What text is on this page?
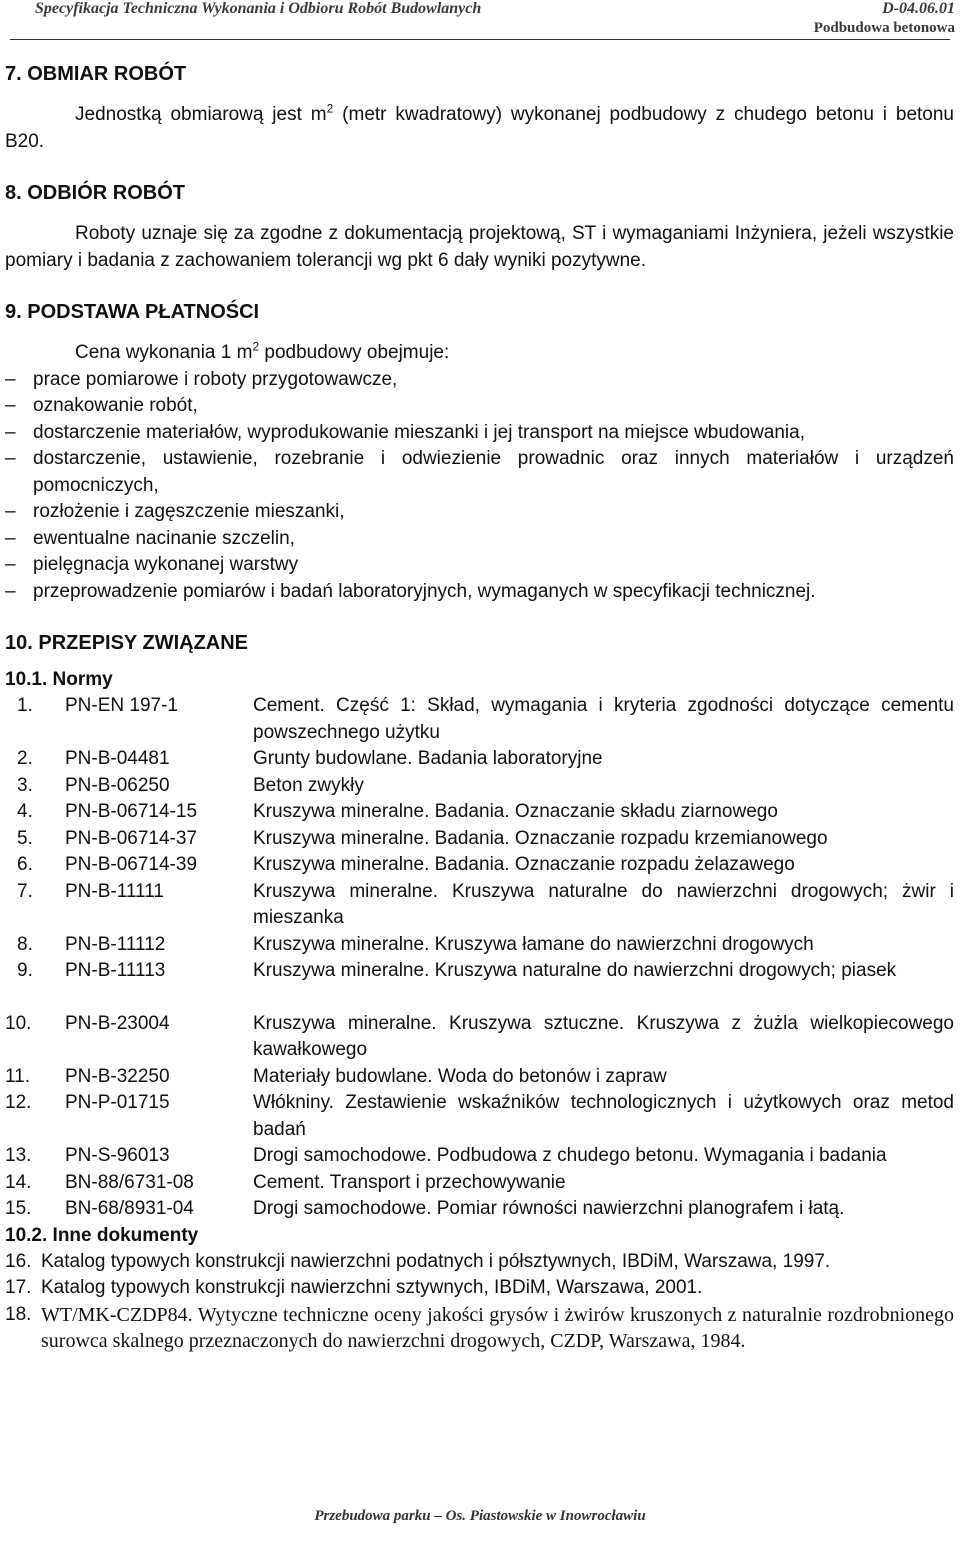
Specyfikacja Techniczna Wykonania i Odbioru Robót Budowlanych	D-04.06.01
Podbudowa betonowa
7. OBMIAR ROBÓT

Jednostką obmiarową jest $m^2$ (metr kwadratowy) wykonanej podbudowy z chudego betonu i betonu B20.

8. ODBIÓR ROBÓT

Roboty uznaje się za zgodne z dokumentacją projektową, ST i wymaganiami Inżyniera, jeżeli wszystkie pomiary i badania z zachowaniem tolerancji wg pkt 6 dały wyniki pozytywne.

9. PODSTAWA PŁATNOŚCI

Cena wykonania 1 $m^2$ podbudowy obejmuje:

– prace pomiarowe i roboty przygotowawcze,
– oznakowanie robót,
– dostarczenie materiałów, wyprodukowanie mieszanki i jej transport na miejsce wbudowania,
– dostarczenie, ustawienie, rozebranie i odwiezienie prowadnic oraz innych materiałów i urządzeń pomocniczych,
– rozłożenie i zagęszczenie mieszanki,
– ewentualne nacinanie szczelin,
– pielęgnacja wykonanej warstwy
– przeprowadzenie pomiarów i badań laboratoryjnych, wymaganych w specyfikacji technicznej.
10. PRZEPISY ZWIĄZANE
10.1. Normy
1.	PN-EN 197-1	Cement. Część 1: Skład, wymagania i kryteria zgodności dotyczące cementu powszechnego użytku
2.	PN-B-04481	Grunty budowlane. Badania laboratoryjne
3.	PN-B-06250	Beton zwykły
4.	PN-B-06714-15	Kruszywa mineralne. Badania. Oznaczanie składu ziarnowego
5.	PN-B-06714-37	Kruszywa mineralne. Badania. Oznaczanie rozpadu krzemianowego
6.	PN-B-06714-39	Kruszywa mineralne. Badania. Oznaczanie rozpadu żelazawego
7.	PN-B-11111	Kruszywa mineralne. Kruszywa naturalne do nawierzchni drogowych; żwir i mieszanka
8.	PN-B-11112	Kruszywa mineralne. Kruszywa łamane do nawierzchni drogowych
9.	PN-B-11113	Kruszywa mineralne. Kruszywa naturalne do nawierzchni drogowych; piasek
10.	PN-B-23004	Kruszywa mineralne. Kruszywa sztuczne. Kruszywa z żużla wielkopiecowego kawałkowego
11.	PN-B-32250	Materiały budowlane. Woda do betonów i zapraw
12.	PN-P-01715	Włókniny. Zestawienie wskaźników technologicznych i użytkowych oraz metod badań
13.	PN-S-96013	Drogi samochodowe. Podbudowa z chudego betonu. Wymagania i badania
14.	BN-88/6731-08	Cement. Transport i przechowywanie
15.	BN-68/8931-04	Drogi samochodowe. Pomiar równości nawierzchni planografem i łatą.
10.2. Inne dokumenty
16. Katalog typowych konstrukcji nawierzchni podatnych i półsztywnych, IBDiM, Warszawa, 1997.
17. Katalog typowych konstrukcji nawierzchni sztywnych, IBDiM, Warszawa, 2001.
18. WT/MK-CZDP84. Wytyczne techniczne oceny jakości grysów i żwirów kruszonych z naturalnie rozdrobnionego surowca skalnego przeznaczonych do nawierzchni drogowych, CZDP, Warszawa, 1984.
Przebudowa parku – Os. Piastowskie w Inowrocławiu
